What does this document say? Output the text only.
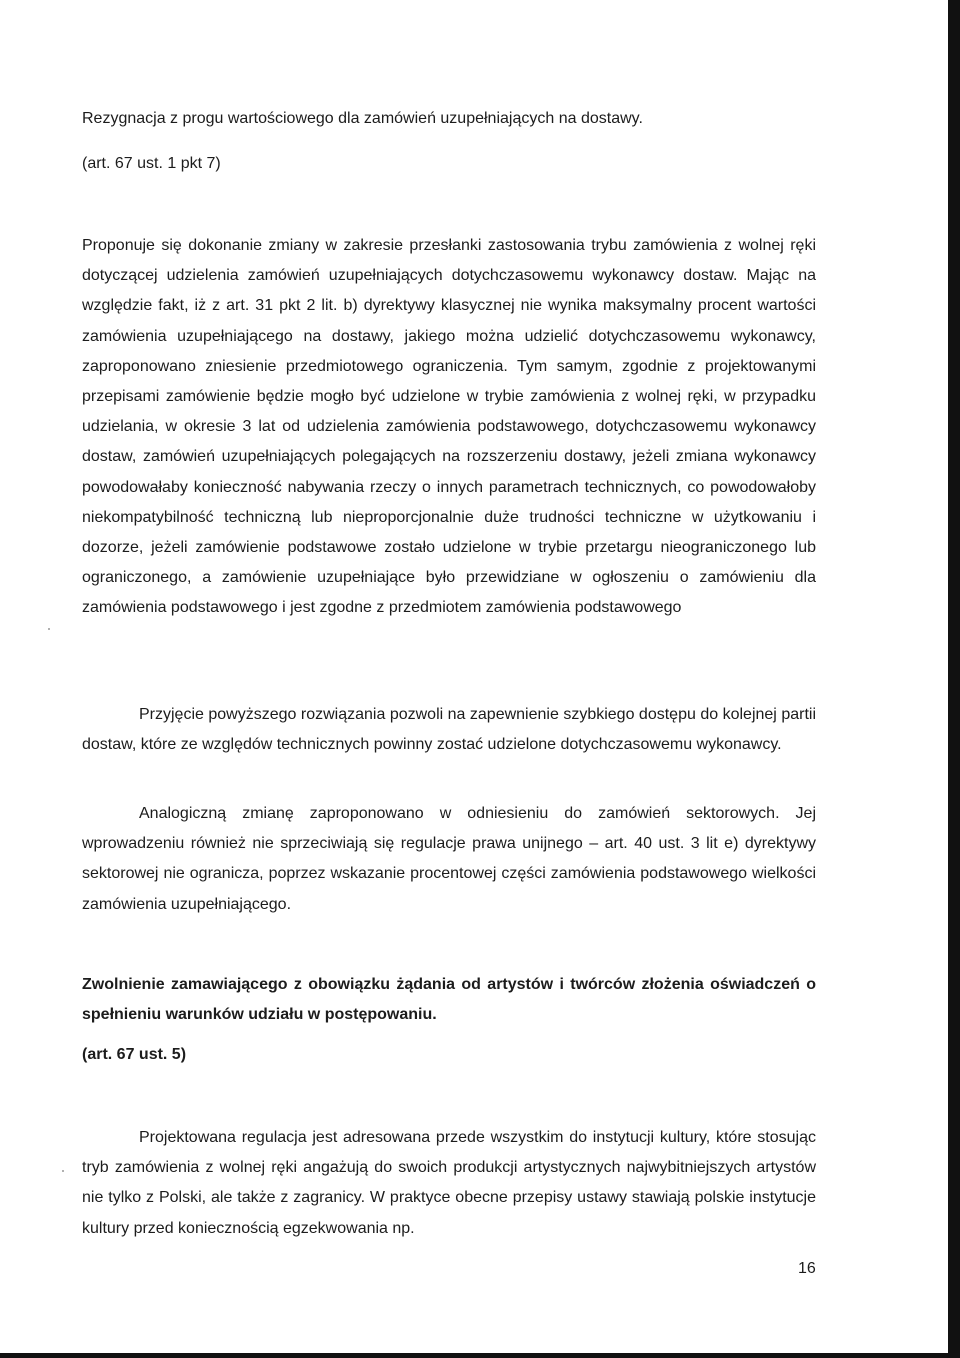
Rezygnacja z progu wartościowego dla zamówień uzupełniających na dostawy.
(art. 67 ust. 1 pkt 7)

Proponuje się dokonanie zmiany w zakresie przesłanki zastosowania trybu zamówienia z wolnej ręki dotyczącej udzielenia zamówień uzupełniających dotychczasowemu wykonawcy dostaw. Mając na względzie fakt, iż z art. 31 pkt 2 lit. b) dyrektywy klasycznej nie wynika maksymalny procent wartości zamówienia uzupełniającego na dostawy, jakiego można udzielić dotychczasowemu wykonawcy, zaproponowano zniesienie przedmiotowego ograniczenia. Tym samym, zgodnie z projektowanymi przepisami zamówienie będzie mogło być udzielone w trybie zamówienia z wolnej ręki, w przypadku udzielania, w okresie 3 lat od udzielenia zamówienia podstawowego, dotychczasowemu wykonawcy dostaw, zamówień uzupełniających polegających na rozszerzeniu dostawy, jeżeli zmiana wykonawcy powodowałaby konieczność nabywania rzeczy o innych parametrach technicznych, co powodowałoby niekompatybilność techniczną lub nieproporcjonalnie duże trudności techniczne w użytkowaniu i dozorze, jeżeli zamówienie podstawowe zostało udzielone w trybie przetargu nieograniczonego lub ograniczonego, a zamówienie uzupełniające było przewidziane w ogłoszeniu o zamówieniu dla zamówienia podstawowego i jest zgodne z przedmiotem zamówienia podstawowego

Przyjęcie powyższego rozwiązania pozwoli na zapewnienie szybkiego dostępu do kolejnej partii dostaw, które ze względów technicznych powinny zostać udzielone dotychczasowemu wykonawcy.

Analogiczną zmianę zaproponowano w odniesieniu do zamówień sektorowych. Jej wprowadzeniu również nie sprzeciwiają się regulacje prawa unijnego – art. 40 ust. 3 lit e) dyrektywy sektorowej nie ogranicza, poprzez wskazanie procentowej części zamówienia podstawowego wielkości zamówienia uzupełniającego.

Zwolnienie zamawiającego z obowiązku żądania od artystów i twórców złożenia oświadczeń o spełnieniu warunków udziału w postępowaniu.

(art. 67 ust. 5)

Projektowana regulacja jest adresowana przede wszystkim do instytucji kultury, które stosując tryb zamówienia z wolnej ręki angażują do swoich produkcji artystycznych najwybitniejszych artystów nie tylko z Polski, ale także z zagranicy. W praktyce obecne przepisy ustawy stawiają polskie instytucje kultury przed koniecznością egzekwowania np.

16
